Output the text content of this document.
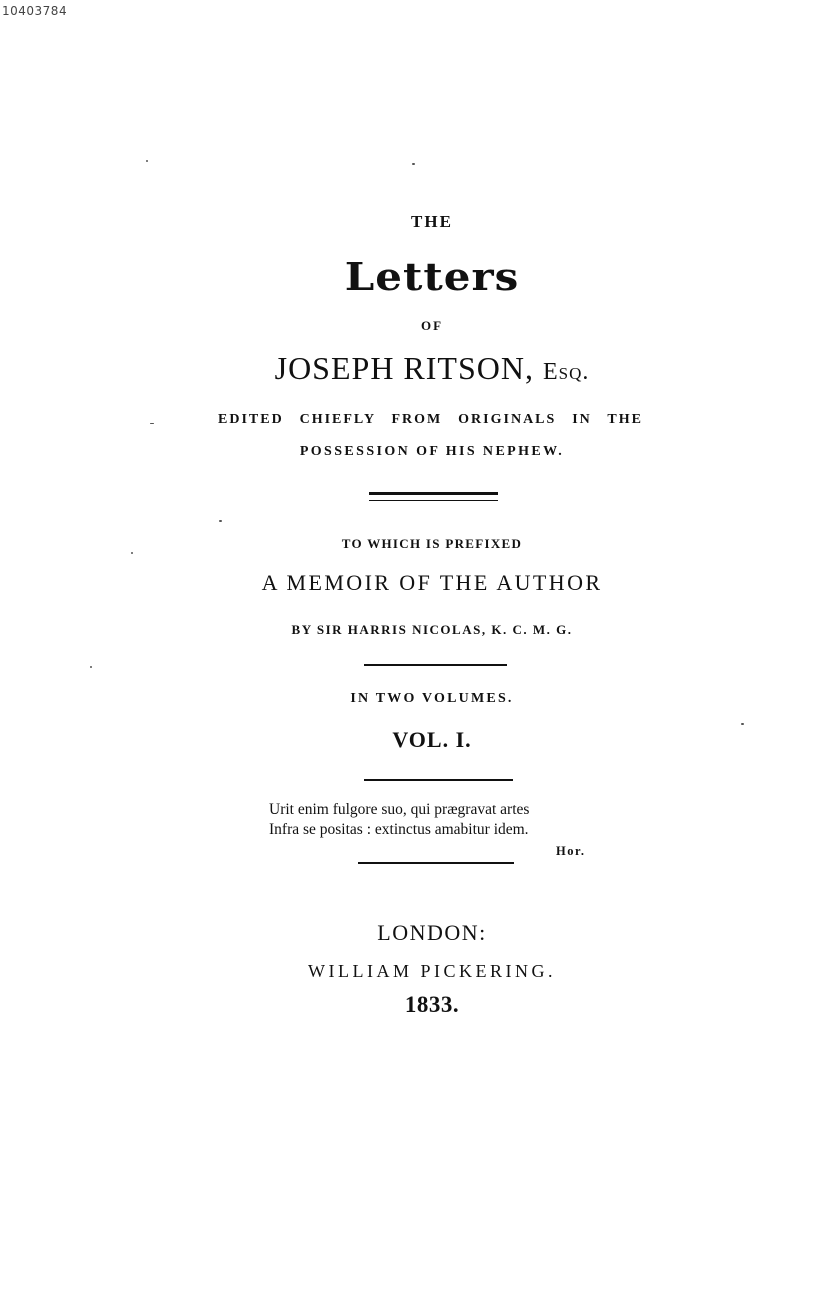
10403784
THE
Letters
OF
JOSEPH RITSON, Esq.
EDITED CHIEFLY FROM ORIGINALS IN THE
POSSESSION OF HIS NEPHEW.
TO WHICH IS PREFIXED
A MEMOIR OF THE AUTHOR
BY SIR HARRIS NICOLAS, K. C. M. G.
IN TWO VOLUMES.
VOL. I.
Urit enim fulgore suo, qui prægravat artes
Infra se positas : extinctus amabitur idem.
Hor.
LONDON:
WILLIAM PICKERING.
1833.
